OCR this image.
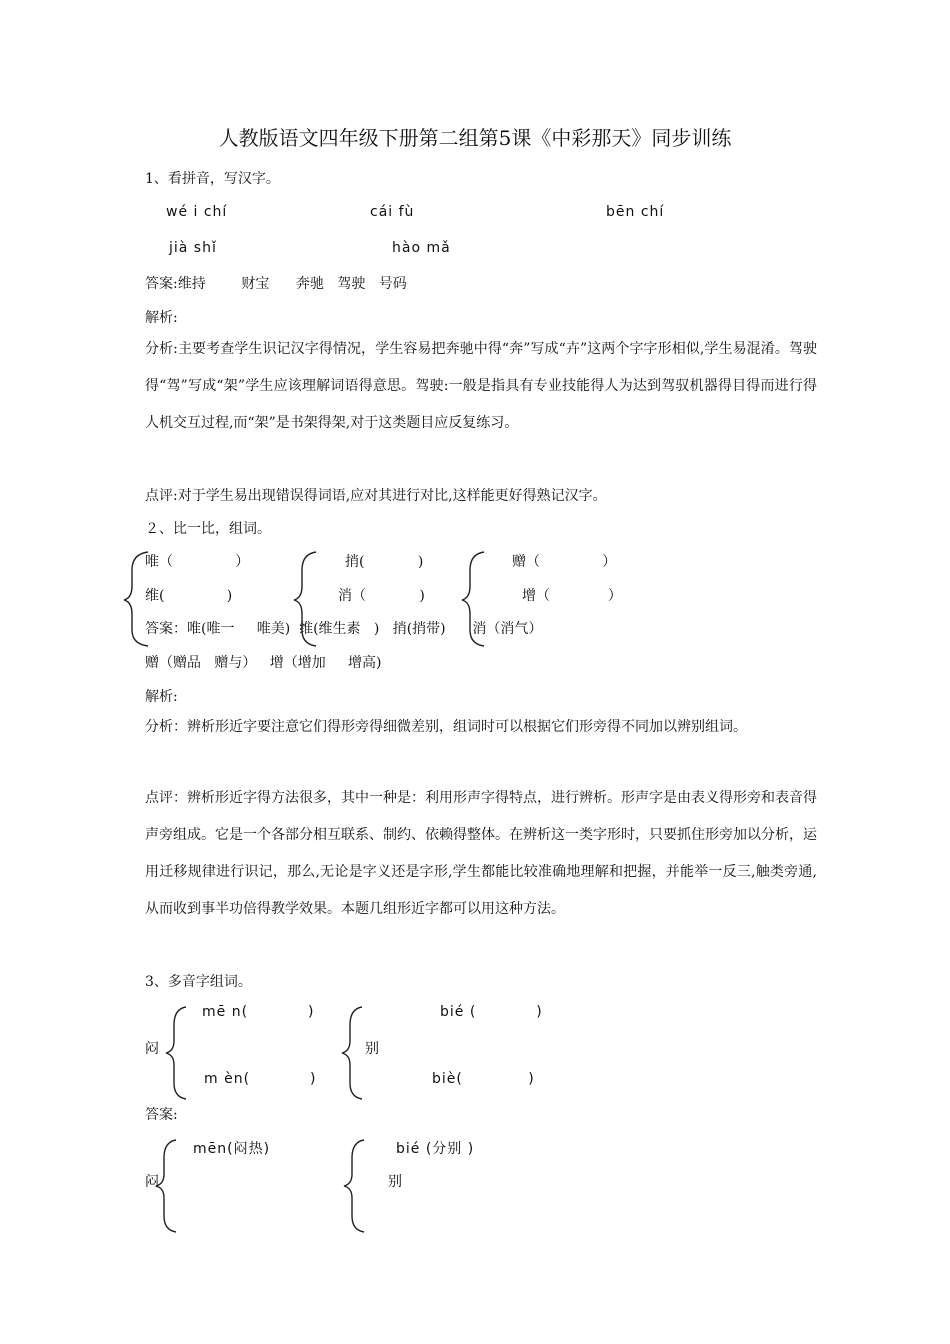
人教版语文四年级下册第二组第5课《中彩那天》同步训练
1、看拼音，写汉字。
wé i chí	cái fù	bēn chí
jià shǐ	hào mǎ
答案:维持        财宝      奔驰   驾驶   号码
解析:
分析:主要考查学生识记汉字得情况，学生容易把奔驰中得“奔”写成“卉”这两个字字形相似,学生易混淆。驾驶得“驾”写成“架”学生应该理解词语得意思。驾驶:一般是指具有专业技能得人为达到驾驭机器得目得而进行得人机交互过程,而“架”是书架得架,对于这类题目应反复练习。
点评:对于学生易出现错误得词语,应对其进行对比,这样能更好得熟记汉字。
２、比一比，组词。
唯（              ）
维(              )
捎(            )
消（            )
赠（              ）
增（             ）
答案：唯(唯一     唯美)  维(维生素   )   捎(捎带)      消（消气）
赠（赠品   赠与）   增（增加     增高)
解析:
分析：辨析形近字要注意它们得形旁得细微差别，组词时可以根据它们形旁得不同加以辨别组词。
点评：辨析形近字得方法很多，其中一种是：利用形声字得特点，进行辨析。形声字是由表义得形旁和表音得声旁组成。它是一个各部分相互联系、制约、依赖得整体。在辨析这一类字形时，只要抓住形旁加以分析，运用迁移规律进行识记，那么,无论是字义还是字形,学生都能比较准确地理解和把握，并能举一反三,触类旁通,从而收到事半功倍得教学效果。本题几组形近字都可以用这种方法。
3、多音字组词。
闷
mē n(           )
m èn(           )
别
bié (           )
biè(            )
答案:
闷
mēn(闷热)
别
bié (分别 )
